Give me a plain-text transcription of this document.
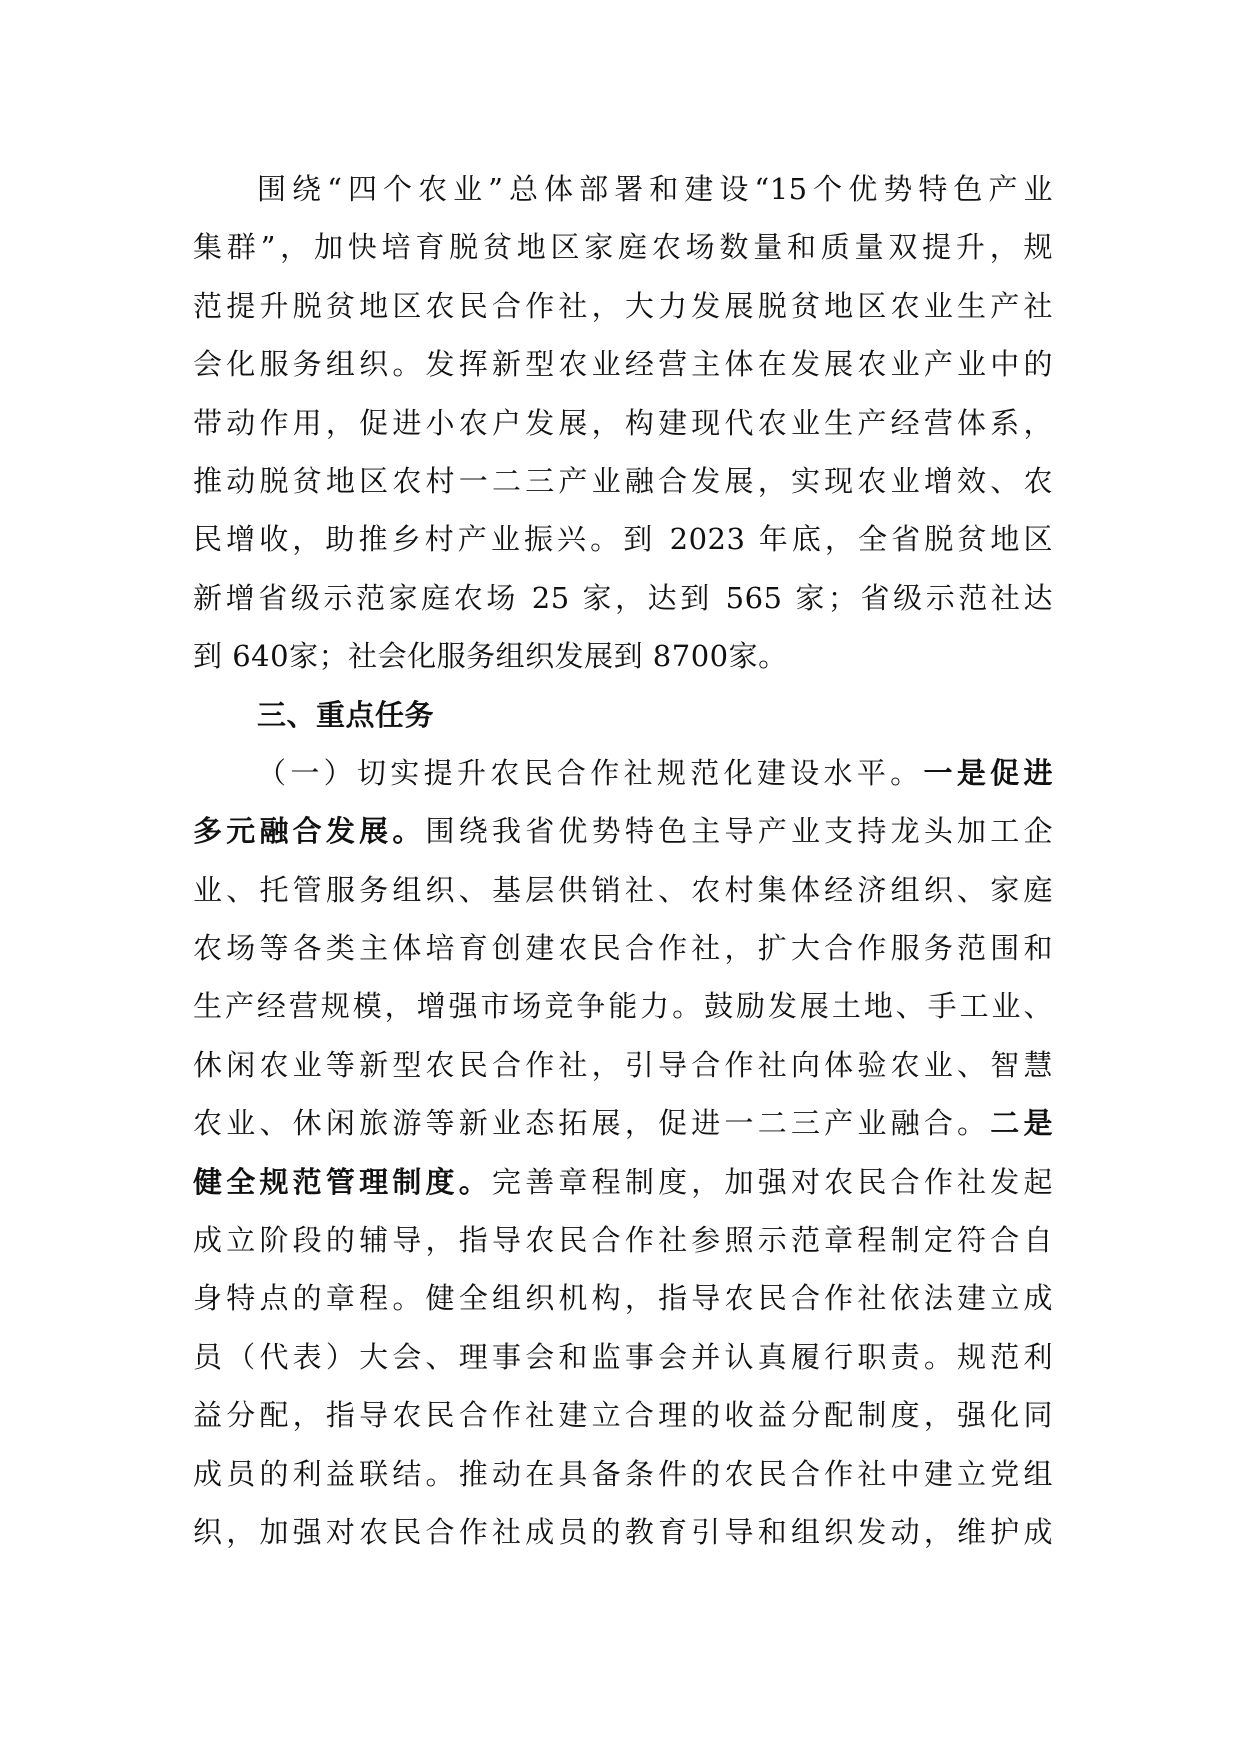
围绕“四个农业”总体部署和建设“15个优势特色产业
集群”，加快培育脱贫地区家庭农场数量和质量双提升，规
范提升脱贫地区农民合作社，大力发展脱贫地区农业生产社
会化服务组织。发挥新型农业经营主体在发展农业产业中的
带动作用，促进小农户发展，构建现代农业生产经营体系，
推动脱贫地区农村一二三产业融合发展，实现农业增效、农
民增收，助推乡村产业振兴。到 2023 年底，全省脱贫地区
新增省级示范家庭农场 25 家，达到 565 家；省级示范社达
到 640家；社会化服务组织发展到 8700家。
三、重点任务
（一）切实提升农民合作社规范化建设水平。一是促进
多元融合发展。围绕我省优势特色主导产业支持龙头加工企
业、托管服务组织、基层供销社、农村集体经济组织、家庭
农场等各类主体培育创建农民合作社，扩大合作服务范围和
生产经营规模，增强市场竞争能力。鼓励发展土地、手工业、
休闲农业等新型农民合作社，引导合作社向体验农业、智慧
农业、休闲旅游等新业态拓展，促进一二三产业融合。二是
健全规范管理制度。完善章程制度，加强对农民合作社发起
成立阶段的辅导，指导农民合作社参照示范章程制定符合自
身特点的章程。健全组织机构，指导农民合作社依法建立成
员（代表）大会、理事会和监事会并认真履行职责。规范利
益分配，指导农民合作社建立合理的收益分配制度，强化同
成员的利益联结。推动在具备条件的农民合作社中建立党组
织，加强对农民合作社成员的教育引导和组织发动，维护成
